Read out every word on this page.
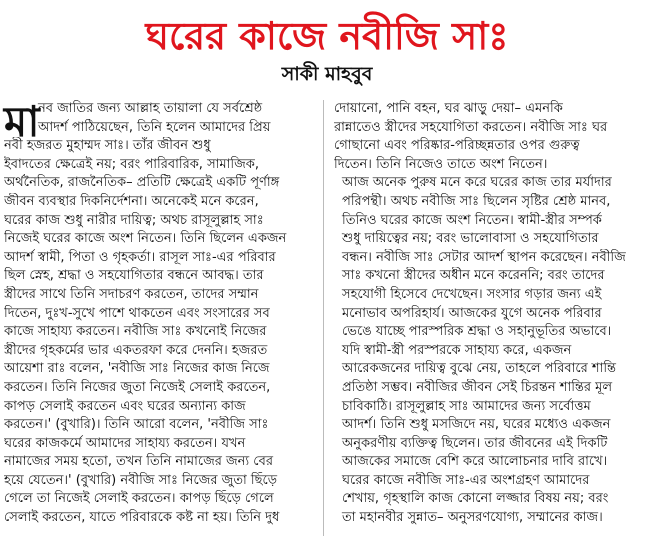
ঘরের কাজে নবীজি সাঃ
সাকী মাহবুব
মা

নব জাতির জন্য আল্লাহ তায়ালা যে সর্বশ্রেষ্ঠ
আদর্শ পাঠিয়েছেন, তিনি হলেন আমাদের প্রিয়
নবী হজরত মুহাম্মদ সাঃ। তাঁর জীবন শুধু
ইবাদতের ক্ষেত্রেই নয়; বরং পারিবারিক, সামাজিক,
অর্থনৈতিক, রাজনৈতিক– প্রতিটি ক্ষেত্রেই একটি পূর্ণাঙ্গ
জীবন ব্যবস্থার দিকনির্দেশনা। অনেকেই মনে করেন,
ঘরের কাজ শুধু নারীর দায়িত্ব; অথচ রাসূলুল্লাহ সাঃ
নিজেই ঘরের কাজে অংশ নিতেন। তিনি ছিলেন একজন
আদর্শ স্বামী, পিতা ও গৃহকর্তা। রাসূল সাঃ-এর পরিবার
ছিল স্নেহ, শ্রদ্ধা ও সহযোগিতার বন্ধনে আবদ্ধ। তার
স্ত্রীদের সাথে তিনি সদাচরণ করতেন, তাদের সম্মান
দিতেন, দুঃখ-সুখে পাশে থাকতেন এবং সংসারের সব
কাজে সাহায্য করতেন। নবীজি সাঃ কখনোই নিজের
স্ত্রীদের গৃহকর্মের ভার একতরফা করে দেননি। হজরত
আয়েশা রাঃ বলেন, 'নবীজি সাঃ নিজের কাজ নিজে
করতেন। তিনি নিজের জুতা নিজেই সেলাই করতেন,
কাপড় সেলাই করতেন এবং ঘরের অন্যান্য কাজ
করতেন।' (বুখারি)। তিনি আরো বলেন, 'নবীজি সাঃ
ঘরের কাজকর্মে আমাদের সাহায্য করতেন। যখন
নামাজের সময় হতো, তখন তিনি নামাজের জন্য বের
হয়ে যেতেন।' (বুখারি) নবীজি সাঃ নিজের জুতা ছিঁড়ে
গেলে তা নিজেই সেলাই করতেন। কাপড় ছিঁড়ে গেলে
সেলাই করতেন, যাতে পরিবারকে কষ্ট না হয়। তিনি দুধ

দোয়ানো, পানি বহন, ঘর ঝাড়ু দেয়া– এমনকি
রান্নাতেও স্ত্রীদের সহযোগিতা করতেন। নবীজি সাঃ ঘর
গোছানো এবং পরিষ্কার-পরিচ্ছন্নতার ওপর গুরুত্ব
দিতেন। তিনি নিজেও তাতে অংশ নিতেন।

আজ অনেক পুরুষ মনে করে ঘরের কাজ তার মর্যাদার
পরিপন্থী। অথচ নবীজি সাঃ ছিলেন সৃষ্টির শ্রেষ্ঠ মানব,
তিনিও ঘরের কাজে অংশ নিতেন। স্বামী-স্ত্রীর সম্পর্ক
শুধু দায়িত্বের নয়; বরং ভালোবাসা ও সহযোগিতার
বন্ধন। নবীজি সাঃ সেটার আদর্শ স্থাপন করেছেন। নবীজি
সাঃ কখনো স্ত্রীদের অধীন মনে করেননি; বরং তাদের
সহযোগী হিসেবে দেখেছেন। সংসার গড়ার জন্য এই
মনোভাব অপরিহার্য। আজকের যুগে অনেক পরিবার
ভেঙে যাচ্ছে পারস্পরিক শ্রদ্ধা ও সহানুভূতির অভাবে।
যদি স্বামী-স্ত্রী পরস্পরকে সাহায্য করে, একজন
আরেকজনের দায়িত্ব বুঝে নেয়, তাহলে পরিবারে শান্তি
প্রতিষ্ঠা সম্ভব। নবীজির জীবন সেই চিরন্তন শান্তির মূল
চাবিকাঠি। রাসূলুল্লাহ সাঃ আমাদের জন্য সর্বোত্তম
আদর্শ। তিনি শুধু মসজিদে নয়, ঘরের মধ্যেও একজন
অনুকরণীয় ব্যক্তিত্ব ছিলেন। তার জীবনের এই দিকটি
আজকের সমাজে বেশি করে আলোচনার দাবি রাখে।
ঘরের কাজে নবীজি সাঃ-এর অংশগ্রহণ আমাদের
শেখায়, গৃহস্থালি কাজ কোনো লজ্জার বিষয় নয়; বরং
তা মহানবীর সুন্নাত– অনুসরণযোগ্য, সম্মানের কাজ।
